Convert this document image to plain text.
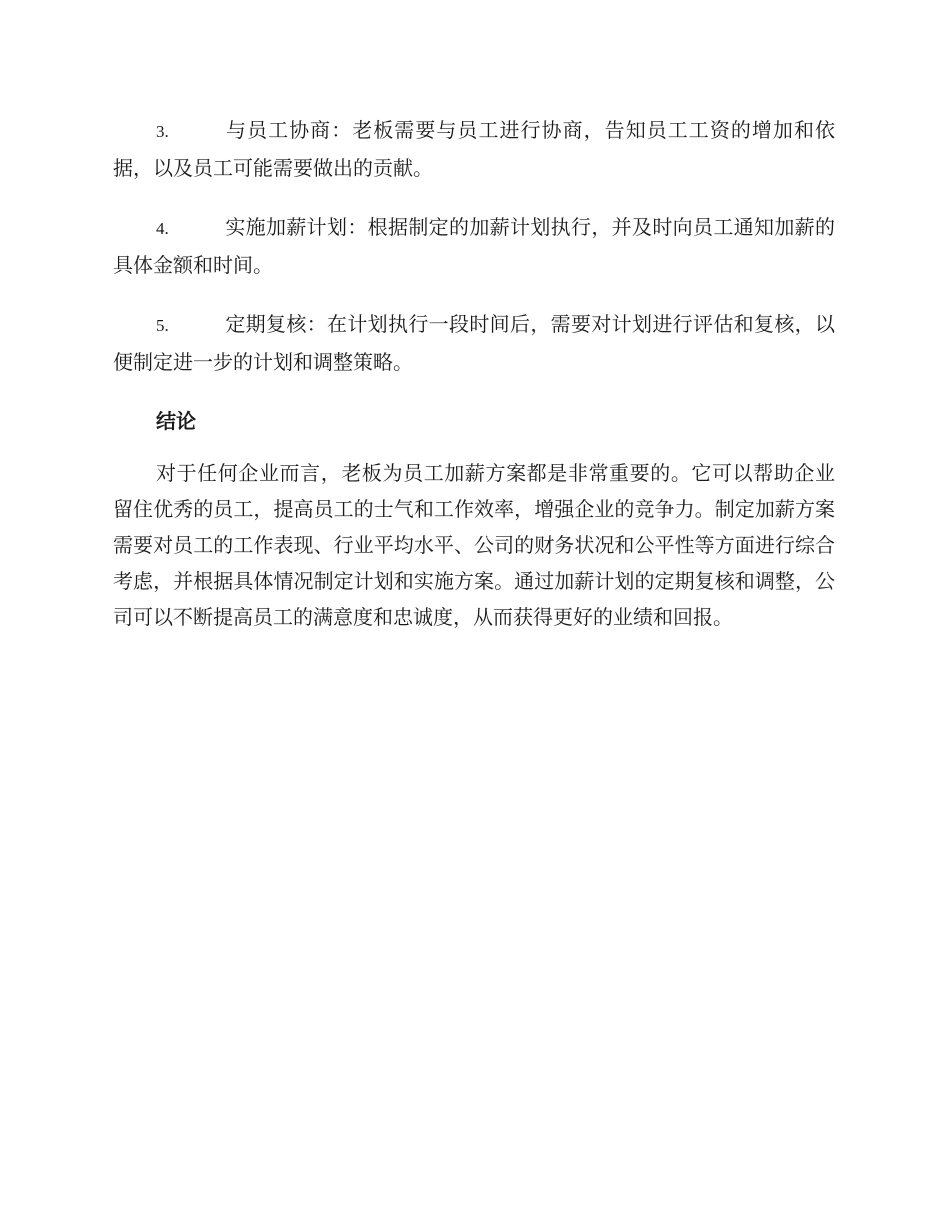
3.	与员工协商：老板需要与员工进行协商，告知员工工资的增加和依据，以及员工可能需要做出的贡献。

4.	实施加薪计划：根据制定的加薪计划执行，并及时向员工通知加薪的具体金额和时间。

5.	定期复核：在计划执行一段时间后，需要对计划进行评估和复核，以便制定进一步的计划和调整策略。

结论

对于任何企业而言，老板为员工加薪方案都是非常重要的。它可以帮助企业留住优秀的员工，提高员工的士气和工作效率，增强企业的竞争力。制定加薪方案需要对员工的工作表现、行业平均水平、公司的财务状况和公平性等方面进行综合考虑，并根据具体情况制定计划和实施方案。通过加薪计划的定期复核和调整，公司可以不断提高员工的满意度和忠诚度，从而获得更好的业绩和回报。
